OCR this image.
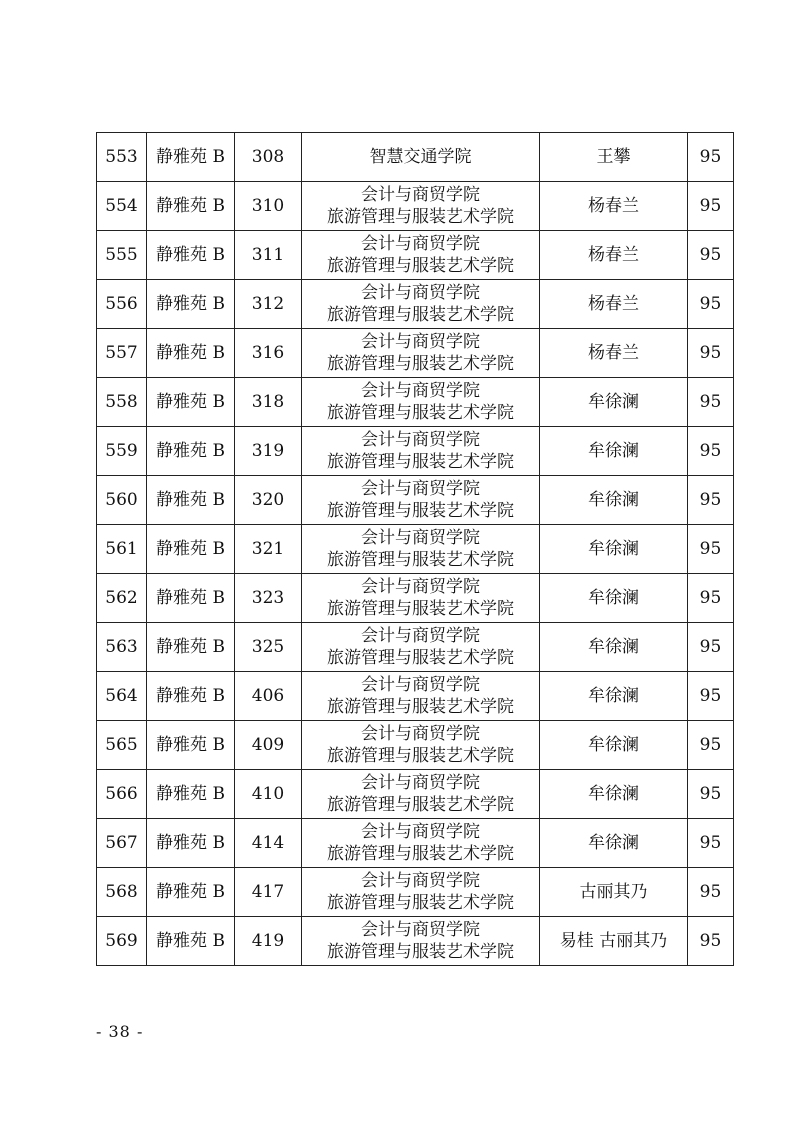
553	静雅苑 B	308	智慧交通学院	王攀	95
554	静雅苑 B	310	会计与商贸学院
旅游管理与服装艺术学院	杨春兰	95
555	静雅苑 B	311	会计与商贸学院
旅游管理与服装艺术学院	杨春兰	95
556	静雅苑 B	312	会计与商贸学院
旅游管理与服装艺术学院	杨春兰	95
557	静雅苑 B	316	会计与商贸学院
旅游管理与服装艺术学院	杨春兰	95
558	静雅苑 B	318	会计与商贸学院
旅游管理与服装艺术学院	牟徐澜	95
559	静雅苑 B	319	会计与商贸学院
旅游管理与服装艺术学院	牟徐澜	95
560	静雅苑 B	320	会计与商贸学院
旅游管理与服装艺术学院	牟徐澜	95
561	静雅苑 B	321	会计与商贸学院
旅游管理与服装艺术学院	牟徐澜	95
562	静雅苑 B	323	会计与商贸学院
旅游管理与服装艺术学院	牟徐澜	95
563	静雅苑 B	325	会计与商贸学院
旅游管理与服装艺术学院	牟徐澜	95
564	静雅苑 B	406	会计与商贸学院
旅游管理与服装艺术学院	牟徐澜	95
565	静雅苑 B	409	会计与商贸学院
旅游管理与服装艺术学院	牟徐澜	95
566	静雅苑 B	410	会计与商贸学院
旅游管理与服装艺术学院	牟徐澜	95
567	静雅苑 B	414	会计与商贸学院
旅游管理与服装艺术学院	牟徐澜	95
568	静雅苑 B	417	会计与商贸学院
旅游管理与服装艺术学院	古丽其乃	95
569	静雅苑 B	419	会计与商贸学院
旅游管理与服装艺术学院	易桂 古丽其乃	95
- 38 -
